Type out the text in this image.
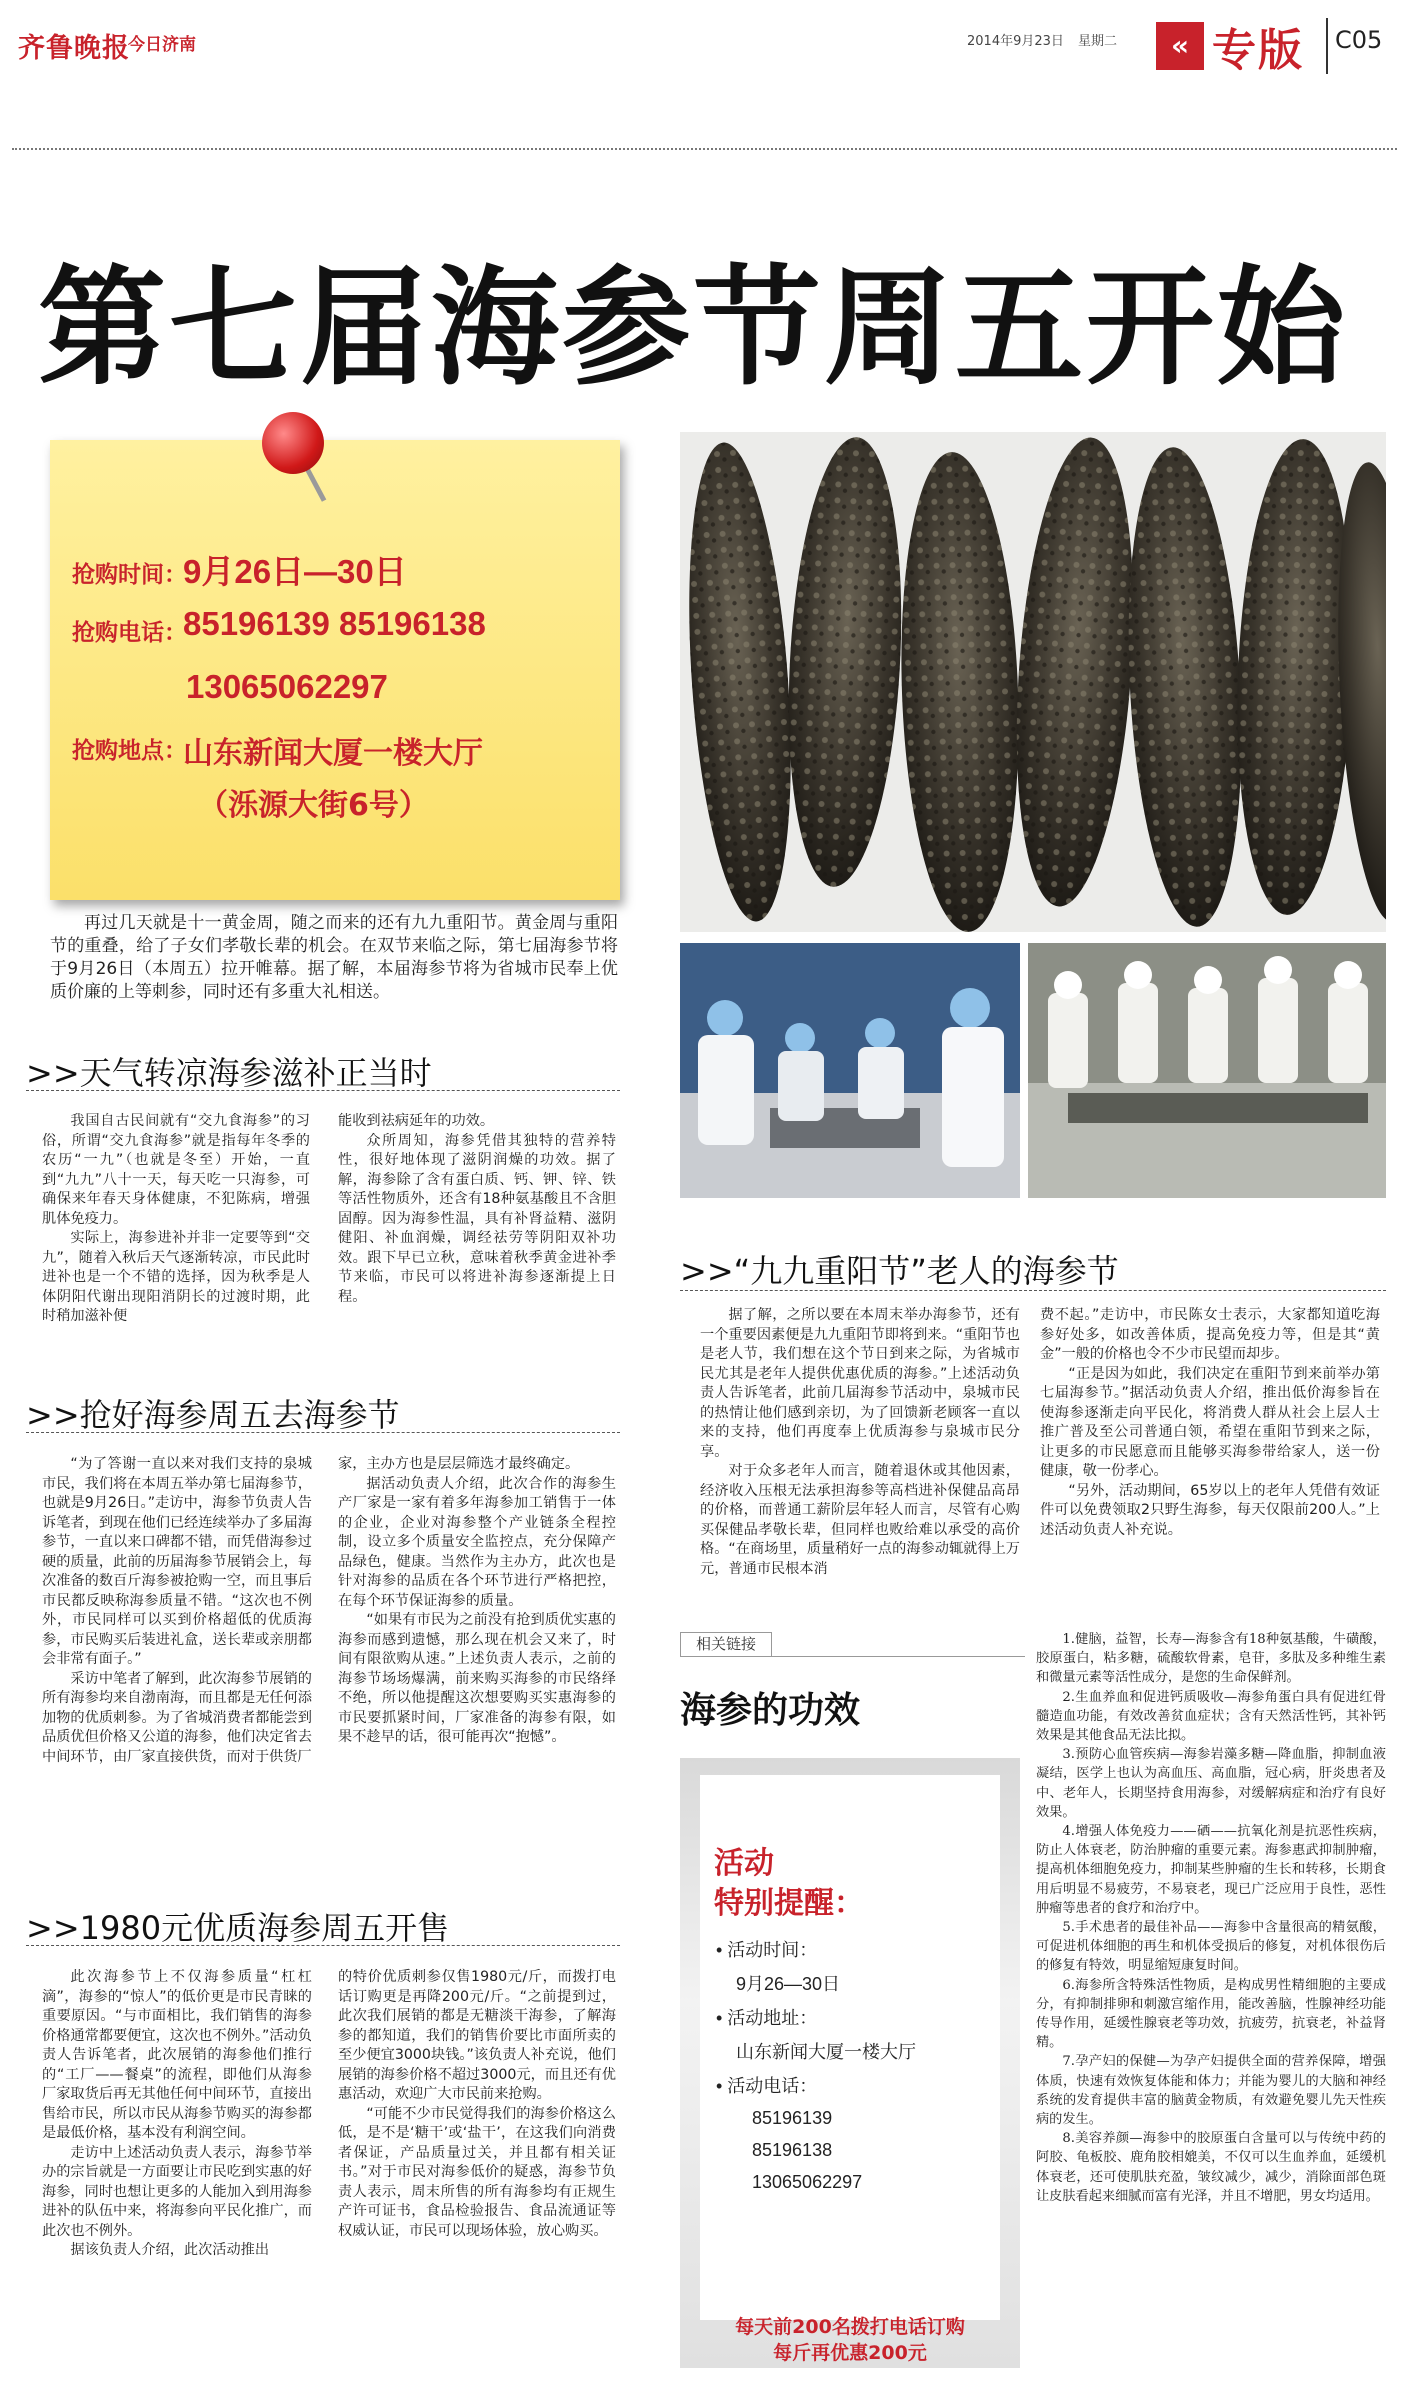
齐鲁晚报
今日济南	2014年9月23日 星期二	« 专版 C05
第七届海参节周五开始
抢购时间：
9月26日—30日
抢购电话：
85196139 85196138
13065062297
抢购地点：
山东新闻大厦一楼大厅
（泺源大街6号）

再过几天就是十一黄金周，随之而来的还有九九重阳节。黄金周与重阳节的重叠，给了子女们孝敬长辈的机会。在双节来临之际，第七届海参节将于9月26日（本周五）拉开帷幕。据了解，本届海参节将为省城市民奉上优质价廉的上等刺参，同时还有多重大礼相送。

>>天气转凉海参滋补正当时

我国自古民间就有“交九食海参”的习俗，所谓“交九食海参”就是指每年冬季的农历“一九”（也就是冬至）开始，一直到“九九”八十一天，每天吃一只海参，可确保来年春天身体健康，不犯陈病，增强肌体免疫力。

实际上，海参进补并非一定要等到“交九”，随着入秋后天气逐渐转凉，市民此时进补也是一个不错的选择，因为秋季是人体阴阳代谢出现阳消阴长的过渡时期，此时稍加滋补便

能收到祛病延年的功效。

众所周知，海参凭借其独特的营养特性，很好地体现了滋阴润燥的功效。据了解，海参除了含有蛋白质、钙、钾、锌、铁等活性物质外，还含有18种氨基酸且不含胆固醇。因为海参性温，具有补肾益精、滋阴健阳、补血润燥，调经祛劳等阴阳双补功效。跟下早已立秋，意味着秋季黄金进补季节来临，市民可以将进补海参逐渐提上日程。

>>抢好海参周五去海参节

“为了答谢一直以来对我们支持的泉城市民，我们将在本周五举办第七届海参节，也就是9月26日。”走访中，海参节负责人告诉笔者，到现在他们已经连续举办了多届海参节，一直以来口碑都不错，而凭借海参过硬的质量，此前的历届海参节展销会上，每次准备的数百斤海参被抢购一空，而且事后市民都反映称海参质量不错。“这次也不例外，市民同样可以买到价格超低的优质海参，市民购买后装进礼盒，送长辈或亲朋都会非常有面子。”

采访中笔者了解到，此次海参节展销的所有海参均来自渤南海，而且都是无任何添加物的优质刺参。为了省城消费者都能尝到品质优但价格又公道的海参，他们决定省去中间环节，由厂家直接供货，而对于供货厂

家，主办方也是层层筛选才最终确定。

据活动负责人介绍，此次合作的海参生产厂家是一家有着多年海参加工销售于一体的企业，企业对海参整个产业链条全程控制，设立多个质量安全监控点，充分保障产品绿色，健康。当然作为主办方，此次也是针对海参的品质在各个环节进行严格把控，在每个环节保证海参的质量。

“如果有市民为之前没有抢到质优实惠的海参而感到遗憾，那么现在机会又来了，时间有限欲购从速。”上述负责人表示，之前的海参节场场爆满，前来购买海参的市民络绎不绝，所以他提醒这次想要购买实惠海参的市民要抓紧时间，厂家准备的海参有限，如果不趁早的话，很可能再次“抱憾”。

>>1980元优质海参周五开售

此次海参节上不仅海参质量“杠杠滴”，海参的“惊人”的低价更是市民青睐的重要原因。“与市面相比，我们销售的海参价格通常都要便宜，这次也不例外。”活动负责人告诉笔者，此次展销的海参他们推行的“工厂——餐桌”的流程，即他们从海参厂家取货后再无其他任何中间环节，直接出售给市民，所以市民从海参节购买的海参都是最低价格，基本没有利润空间。

走访中上述活动负责人表示，海参节举办的宗旨就是一方面要让市民吃到实惠的好海参，同时也想让更多的人能加入到用海参进补的队伍中来，将海参向平民化推广，而此次也不例外。

据该负责人介绍，此次活动推出

的特价优质刺参仅售1980元/斤，而拨打电话订购更是再降200元/斤。“之前提到过，此次我们展销的都是无糖淡干海参，了解海参的都知道，我们的销售价要比市面所卖的至少便宜3000块钱。”该负责人补充说，他们展销的海参价格不超过3000元，而且还有优惠活动，欢迎广大市民前来抢购。

“可能不少市民觉得我们的海参价格这么低，是不是‘糖干’或‘盐干’，在这我们向消费者保证，产品质量过关，并且都有相关证书。”对于市民对海参低价的疑惑，海参节负责人表示，周末所售的所有海参均有正规生产许可证书，食品检验报告、食品流通证等权威认证，市民可以现场体验，放心购买。

>>“九九重阳节”老人的海参节

据了解，之所以要在本周末举办海参节，还有一个重要因素便是九九重阳节即将到来。“重阳节也是老人节，我们想在这个节日到来之际，为省城市民尤其是老年人提供优惠优质的海参。”上述活动负责人告诉笔者，此前几届海参节活动中，泉城市民的热情让他们感到亲切，为了回馈新老顾客一直以来的支持，他们再度奉上优质海参与泉城市民分享。

对于众多老年人而言，随着退休或其他因素，经济收入压根无法承担海参等高档进补保健品高昂的价格，而普通工薪阶层年轻人而言，尽管有心购买保健品孝敬长辈，但同样也败给难以承受的高价格。“在商场里，质量稍好一点的海参动辄就得上万元，普通市民根本消

费不起。”走访中，市民陈女士表示，大家都知道吃海参好处多，如改善体质，提高免疫力等，但是其“黄金”一般的价格也令不少市民望而却步。

“正是因为如此，我们决定在重阳节到来前举办第七届海参节。”据活动负责人介绍，推出低价海参旨在使海参逐渐走向平民化，将消费人群从社会上层人士推广普及至公司普通白领，希望在重阳节到来之际，让更多的市民愿意而且能够买海参带给家人，送一份健康，敬一份孝心。

“另外，活动期间，65岁以上的老年人凭借有效证件可以免费领取2只野生海参，每天仅限前200人。”上述活动负责人补充说。

相关链接
海参的功效

1.健脑，益智，长寿—海参含有18种氨基酸，牛磺酸，胶原蛋白，粘多糖，硫酸软骨素，皂苷，多肽及多种维生素和微量元素等活性成分，是您的生命保鲜剂。

2.生血养血和促进钙质吸收—海参角蛋白具有促进红骨髓造血功能，有效改善贫血症状；含有天然活性钙，其补钙效果是其他食品无法比拟。

3.预防心血管疾病—海参岩藻多糖—降血脂，抑制血液凝结，医学上也认为高血压、高血脂，冠心病，肝炎患者及中、老年人，长期坚持食用海参，对缓解病症和治疗有良好效果。

4.增强人体免疫力——硒——抗氧化剂是抗恶性疾病，防止人体衰老，防治肿瘤的重要元素。海参惠武抑制肿瘤，提高机体细胞免疫力，抑制某些肿瘤的生长和转移，长期食用后明显不易疲劳，不易衰老，现已广泛应用于良性，恶性肿瘤等患者的食疗和治疗中。

5.手术患者的最佳补品——海参中含量很高的精氨酸，可促进机体细胞的再生和机体受损后的修复，对机体很伤后的修复有特效，明显缩短康复时间。

6.海参所含特殊活性物质，是构成男性精细胞的主要成分，有抑制排卵和刺激宫缩作用，能改善脑，性腺神经功能传导作用，延缓性腺衰老等功效，抗疲劳，抗衰老，补益肾精。

7.孕产妇的保健—为孕产妇提供全面的营养保障，增强体质，快速有效恢复体能和体力；并能为婴儿的大脑和神经系统的发育提供丰富的脑黄金物质，有效避免婴儿先天性疾病的发生。

8.美容养颜—海参中的胶原蛋白含量可以与传统中药的阿胶、龟板胶、鹿角胶相媲美，不仅可以生血养血，延缓机体衰老，还可使肌肤充盈，皱纹减少，减少，消除面部色斑让皮肤看起来细腻而富有光泽，并且不增肥，男女均适用。

活动
特别提醒：
• 活动时间：
9月26—30日
• 活动地址：
山东新闻大厦一楼大厅
• 活动电话：
85196139
85196138
13065062297
每天前200名拨打电话订购
每斤再优惠200元
